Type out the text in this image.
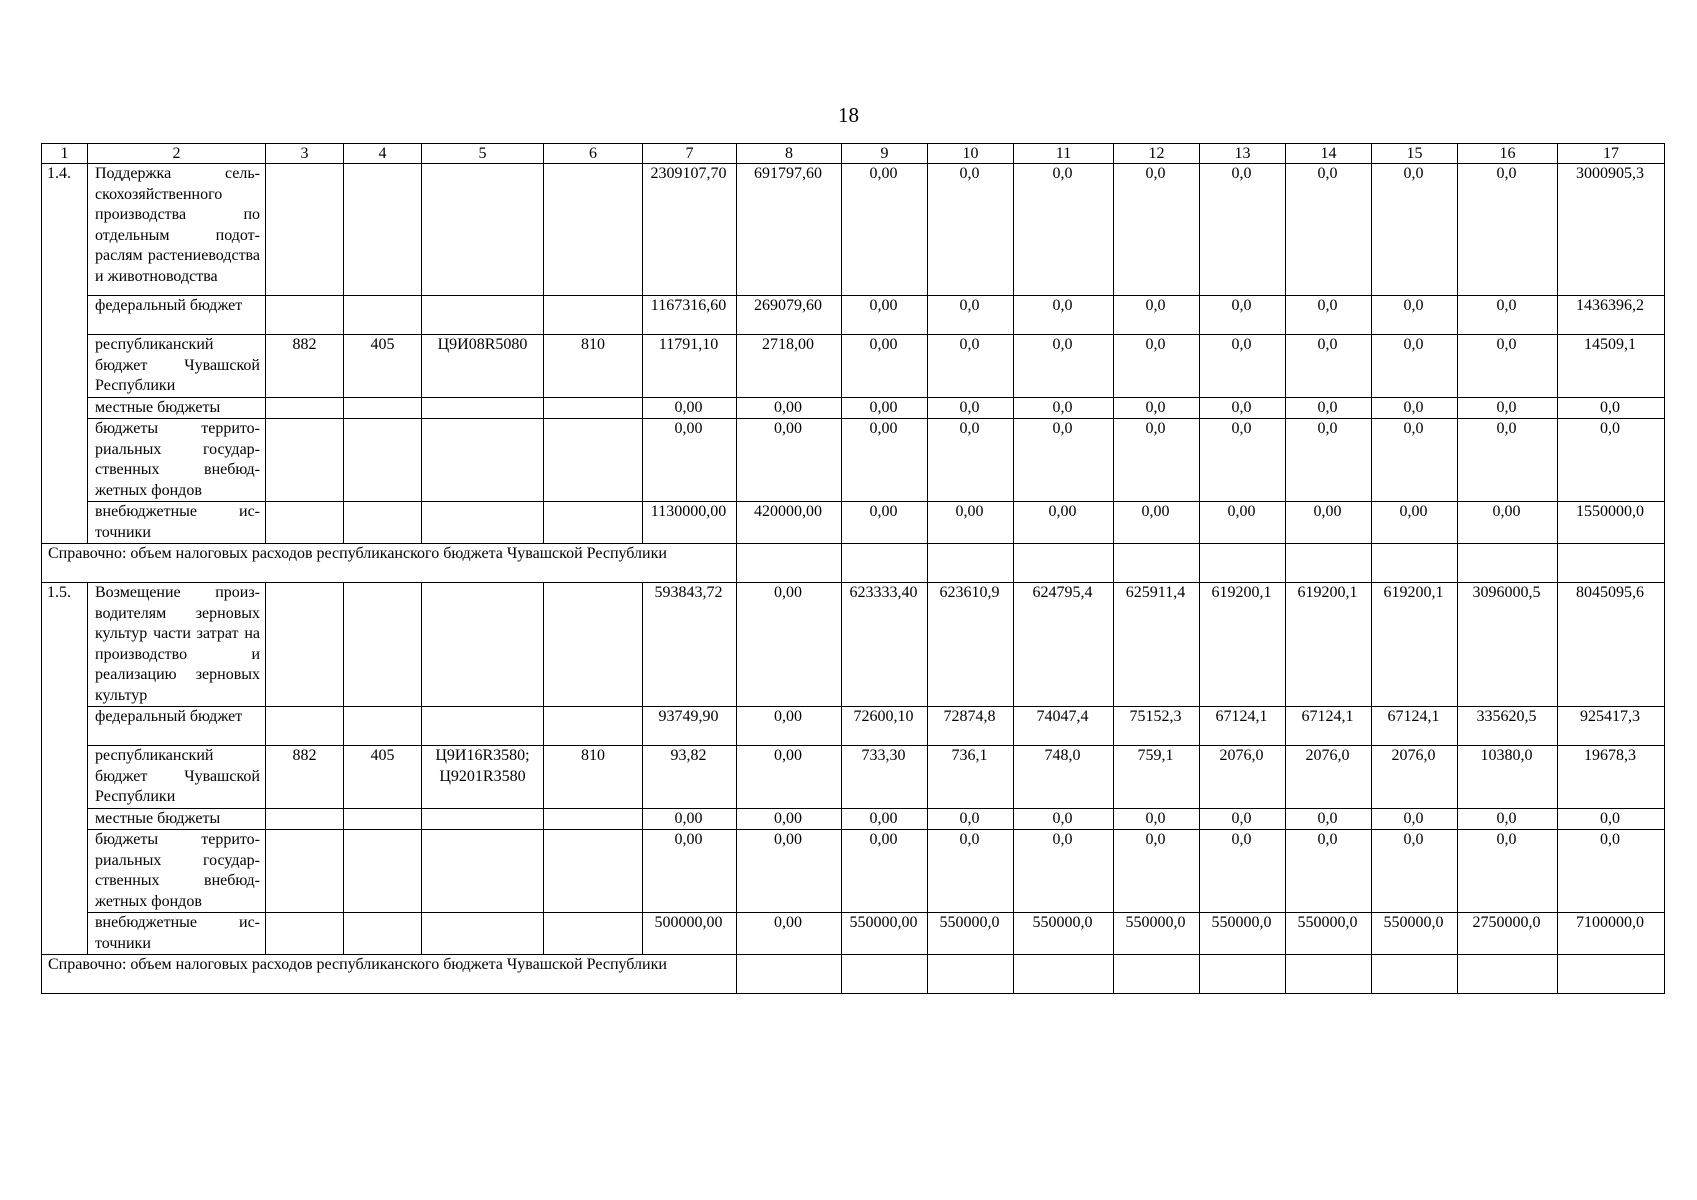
18
1	2	3	4	5	6	7	8	9	10	11	12	13	14	15	16	17
1.4.	Поддержка сельскохозяйственного производства по отдельным подотраслям растениеводства и животноводства					2309107,70	691797,60	0,00	0,0	0,0	0,0	0,0	0,0	0,0	0,0	3000905,3
	федеральный бюджет					1167316,60	269079,60	0,00	0,0	0,0	0,0	0,0	0,0	0,0	0,0	1436396,2
	республиканский бюджет Чувашской Республики	882	405	Ц9И08R5080	810	11791,10	2718,00	0,00	0,0	0,0	0,0	0,0	0,0	0,0	0,0	14509,1
	местные бюджеты					0,00	0,00	0,00	0,0	0,0	0,0	0,0	0,0	0,0	0,0	0,0
	бюджеты территориальных государственных внебюджетных фондов					0,00	0,00	0,00	0,0	0,0	0,0	0,0	0,0	0,0	0,0	0,0
	внебюджетные источники					1130000,00	420000,00	0,00	0,00	0,00	0,00	0,00	0,00	0,00	0,00	1550000,0
Справочно: объем налоговых расходов республиканского бюджета Чувашской Республики																
1.5.	Возмещение производителям зерновых культур части затрат на производство и реализацию зерновых культур					593843,72	0,00	623333,40	623610,9	624795,4	625911,4	619200,1	619200,1	619200,1	3096000,5	8045095,6
	федеральный бюджет					93749,90	0,00	72600,10	72874,8	74047,4	75152,3	67124,1	67124,1	67124,1	335620,5	925417,3
	республиканский бюджет Чувашской Республики	882	405	Ц9И16R3580; Ц9201R3580	810	93,82	0,00	733,30	736,1	748,0	759,1	2076,0	2076,0	2076,0	10380,0	19678,3
	местные бюджеты					0,00	0,00	0,00	0,0	0,0	0,0	0,0	0,0	0,0	0,0	0,0
	бюджеты территориальных государственных внебюджетных фондов					0,00	0,00	0,00	0,0	0,0	0,0	0,0	0,0	0,0	0,0	0,0
	внебюджетные источники					500000,00	0,00	550000,00	550000,0	550000,0	550000,0	550000,0	550000,0	550000,0	2750000,0	7100000,0
Справочно: объем налоговых расходов республиканского бюджета Чувашской Республики																
